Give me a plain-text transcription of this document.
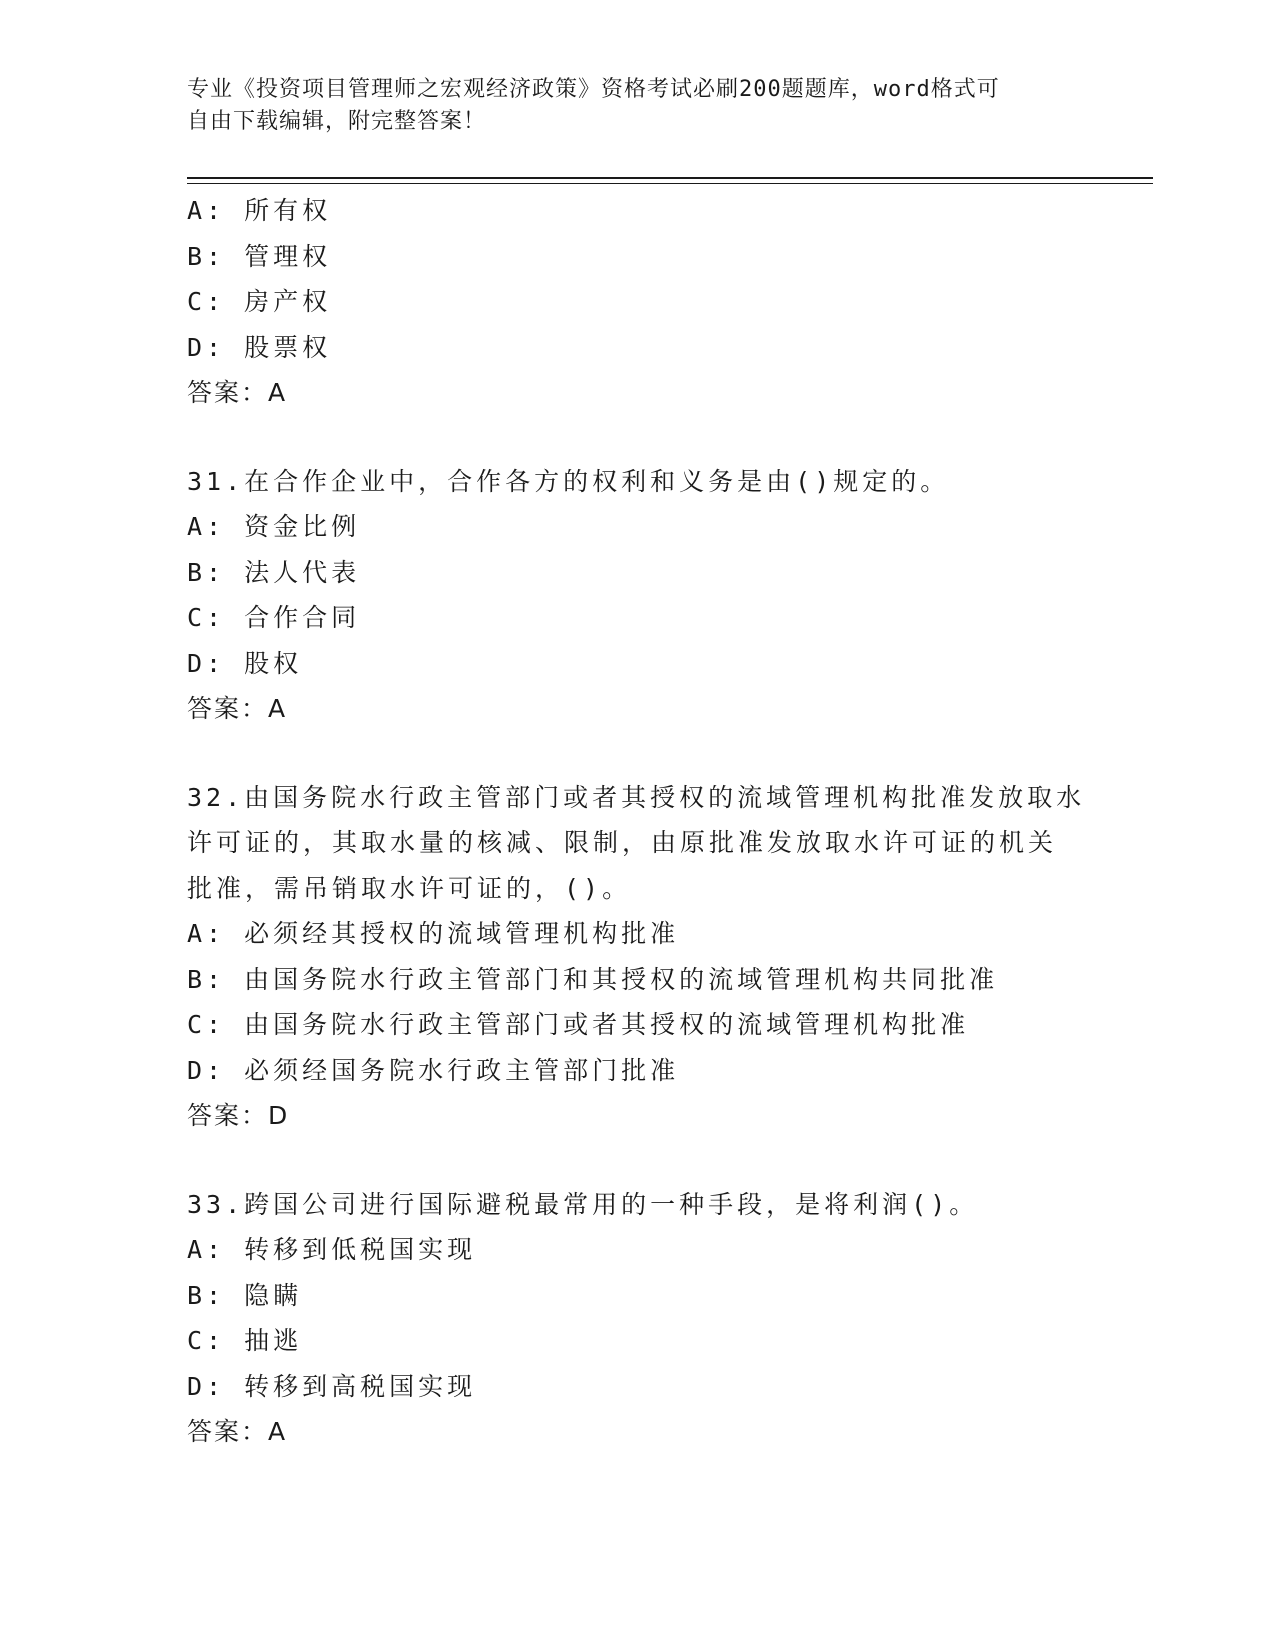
专业《投资项目管理师之宏观经济政策》资格考试必刷200题题库，word格式可
自由下载编辑，附完整答案！
A: 所有权
B: 管理权
C: 房产权
D: 股票权
答案：A
31.在合作企业中，合作各方的权利和义务是由()规定的。
A: 资金比例
B: 法人代表
C: 合作合同
D: 股权
答案：A
32.由国务院水行政主管部门或者其授权的流域管理机构批准发放取水
许可证的，其取水量的核减、限制，由原批准发放取水许可证的机关
批准，需吊销取水许可证的，()。
A: 必须经其授权的流域管理机构批准
B: 由国务院水行政主管部门和其授权的流域管理机构共同批准
C: 由国务院水行政主管部门或者其授权的流域管理机构批准
D: 必须经国务院水行政主管部门批准
答案：D
33.跨国公司进行国际避税最常用的一种手段，是将利润()。
A: 转移到低税国实现
B: 隐瞒
C: 抽逃
D: 转移到高税国实现
答案：A
